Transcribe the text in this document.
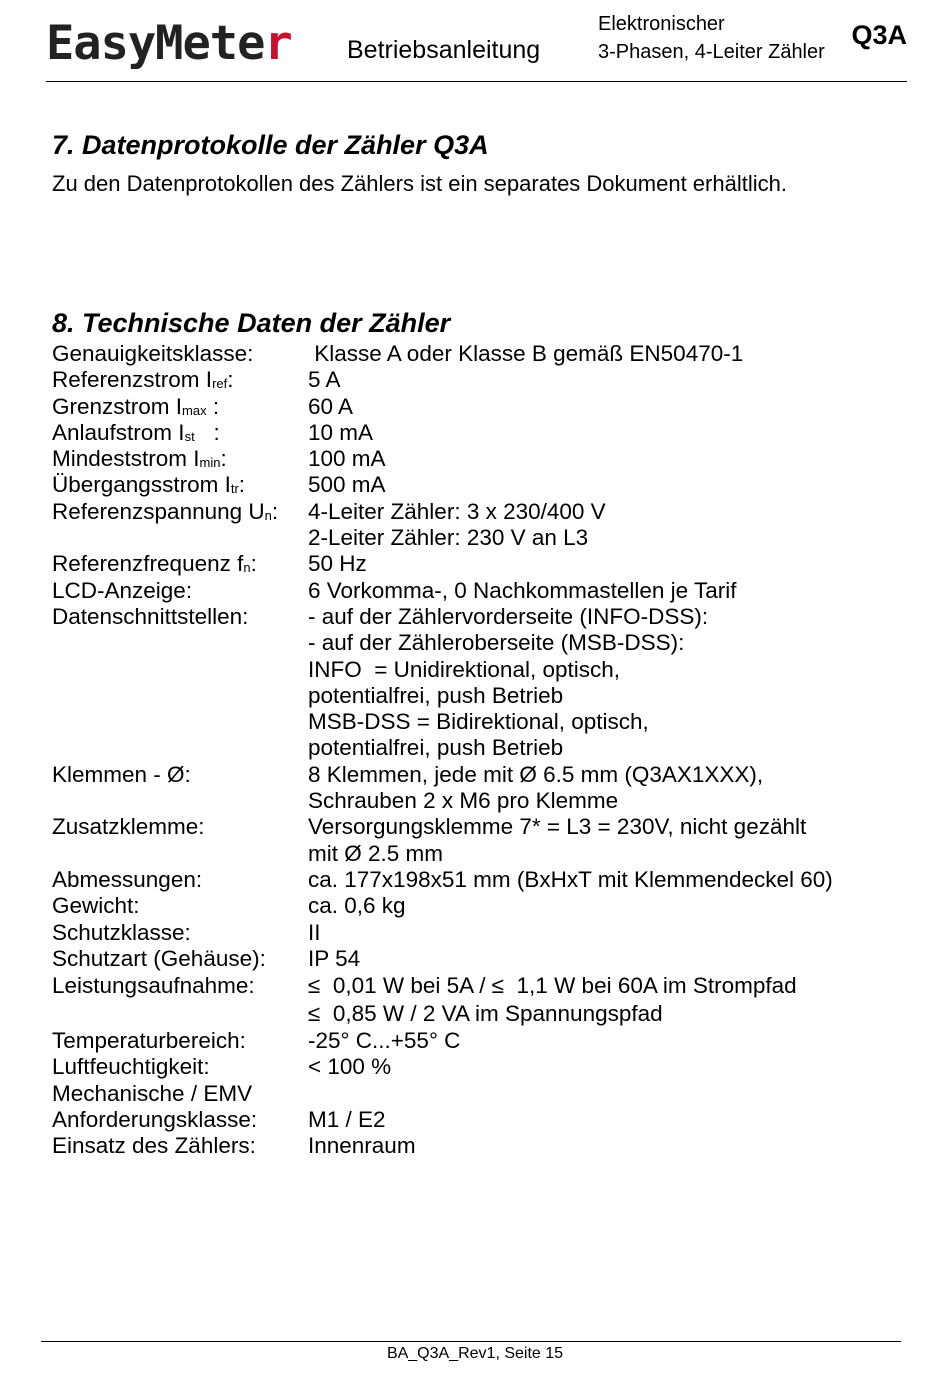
EasyMeter Betriebsanleitung
Elektronischer
3-Phasen, 4-Leiter Zähler
Q3A
7. Datenprotokolle der Zähler Q3A
Zu den Datenprotokollen des Zählers ist ein separates Dokument erhältlich.
8. Technische Daten der Zähler
Genauigkeitsklasse:	Klasse A oder Klasse B gemäß EN50470-1
Referenzstrom $I_{ref}$:	5 A
Grenzstrom $I_{max}$ :	60 A
Anlaufstrom $I_{st}$   :	10 mA
Mindeststrom $I_{min}$:	100 mA
Übergangsstrom $I_{tr}$:	500 mA
Referenzspannung $U_n$:	4-Leiter Zähler: 3 x 230/400 V
2-Leiter Zähler: 230 V an L3
Referenzfrequenz $f_n$:	50 Hz
LCD-Anzeige:	6 Vorkomma-, 0 Nachkommastellen je Tarif
Datenschnittstellen:	- auf der Zählervorderseite (INFO-DSS):
- auf der Zähleroberseite (MSB-DSS):
INFO  = Unidirektional, optisch,
potentialfrei, push Betrieb
MSB-DSS = Bidirektional, optisch,
potentialfrei, push Betrieb
Klemmen - Ø:	8 Klemmen, jede mit Ø 6.5 mm (Q3AX1XXX),
Schrauben 2 x M6 pro Klemme
Zusatzklemme:	Versorgungsklemme 7* = L3 = 230V, nicht gezählt
mit Ø 2.5 mm
Abmessungen:	ca. 177x198x51 mm (BxHxT mit Klemmendeckel 60)
Gewicht:	ca. 0,6 kg
Schutzklasse:	II
Schutzart (Gehäuse):	IP 54
Leistungsaufnahme:	≤  0,01 W bei 5A / ≤  1,1 W bei 60A im Strompfad
≤  0,85 W / 2 VA im Spannungspfad
Temperaturbereich:	-25° C...+55° C
Luftfeuchtigkeit:	< 100 %
Mechanische / EMV
Anforderungsklasse:	M1 / E2
Einsatz des Zählers:	Innenraum
BA_Q3A_Rev1, Seite 15
